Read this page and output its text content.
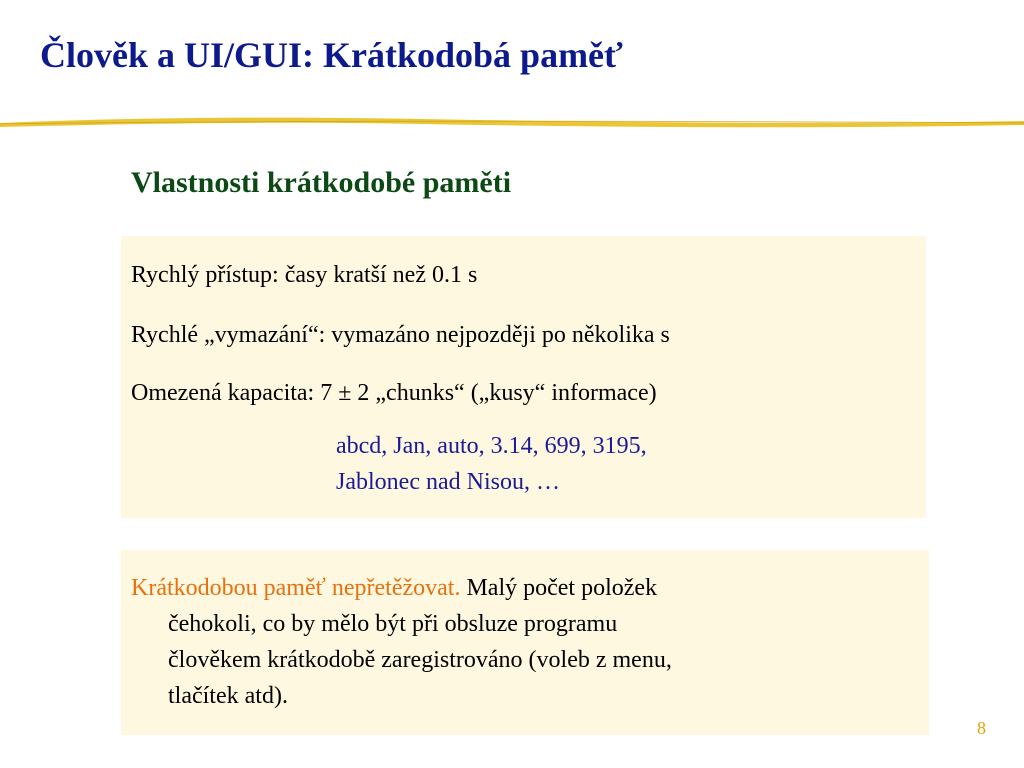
Člověk a UI/GUI: Krátkodobá paměť
Vlastnosti krátkodobé paměti
Rychlý přístup: časy kratší než 0.1 s
Rychlé „vymazání“: vymazáno nejpozději po několika s
Omezená kapacita: 7 ± 2 „chunks“ („kusy“ informace)
abcd, Jan, auto, 3.14, 699, 3195,
Jablonec nad Nisou, …
Krátkodobou paměť nepřetěžovat. Malý počet položek
čehokoli, co by mělo být při obsluze programu
člověkem krátkodobě zaregistrováno (voleb z menu,
tlačítek atd).
8
